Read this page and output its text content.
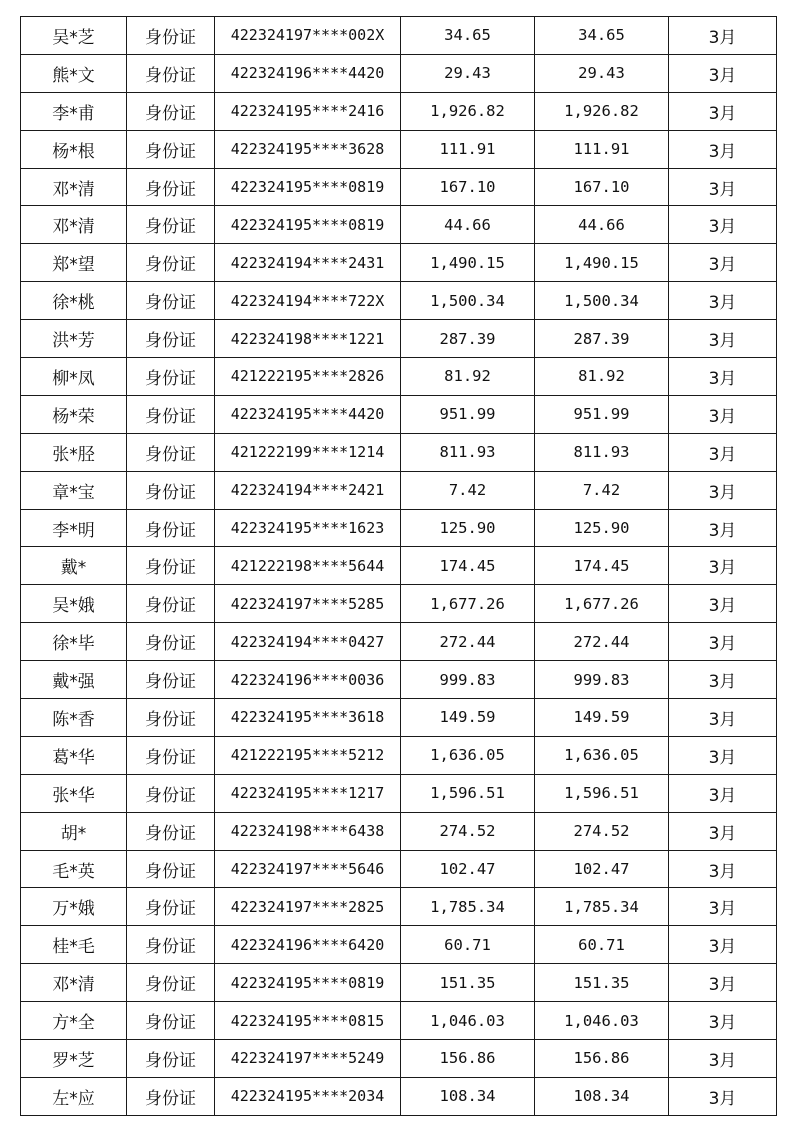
吴*芝	身份证	422324197****002X	34.65	34.65	3月
熊*文	身份证	422324196****4420	29.43	29.43	3月
李*甫	身份证	422324195****2416	1,926.82	1,926.82	3月
杨*根	身份证	422324195****3628	111.91	111.91	3月
邓*清	身份证	422324195****0819	167.10	167.10	3月
邓*清	身份证	422324195****0819	44.66	44.66	3月
郑*望	身份证	422324194****2431	1,490.15	1,490.15	3月
徐*桃	身份证	422324194****722X	1,500.34	1,500.34	3月
洪*芳	身份证	422324198****1221	287.39	287.39	3月
柳*凤	身份证	421222195****2826	81.92	81.92	3月
杨*荣	身份证	422324195****4420	951.99	951.99	3月
张*胫	身份证	421222199****1214	811.93	811.93	3月
章*宝	身份证	422324194****2421	7.42	7.42	3月
李*明	身份证	422324195****1623	125.90	125.90	3月
戴*	身份证	421222198****5644	174.45	174.45	3月
吴*娥	身份证	422324197****5285	1,677.26	1,677.26	3月
徐*毕	身份证	422324194****0427	272.44	272.44	3月
戴*强	身份证	422324196****0036	999.83	999.83	3月
陈*香	身份证	422324195****3618	149.59	149.59	3月
葛*华	身份证	421222195****5212	1,636.05	1,636.05	3月
张*华	身份证	422324195****1217	1,596.51	1,596.51	3月
胡*	身份证	422324198****6438	274.52	274.52	3月
毛*英	身份证	422324197****5646	102.47	102.47	3月
万*娥	身份证	422324197****2825	1,785.34	1,785.34	3月
桂*毛	身份证	422324196****6420	60.71	60.71	3月
邓*清	身份证	422324195****0819	151.35	151.35	3月
方*全	身份证	422324195****0815	1,046.03	1,046.03	3月
罗*芝	身份证	422324197****5249	156.86	156.86	3月
左*应	身份证	422324195****2034	108.34	108.34	3月
